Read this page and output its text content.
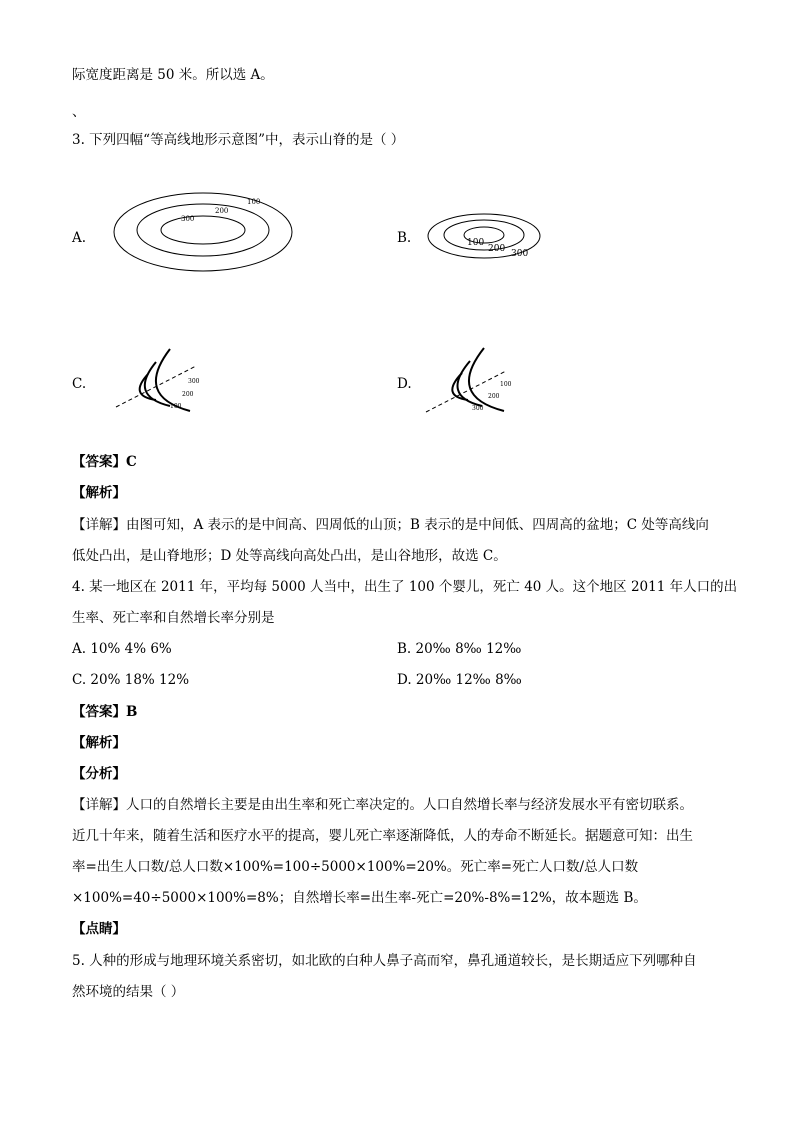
际宽度距离是 50 米。所以选 A。
、
3. 下列四幅“等高线地形示意图”中，表示山脊的是（ ）
A.
100
200
300
B.	100
200 300
C.	300
200
100
D.	100
200
300
【答案】C
【解析】
【详解】由图可知，A 表示的是中间高、四周低的山顶；B 表示的是中间低、四周高的盆地；C 处等高线向
低处凸出，是山脊地形；D 处等高线向高处凸出，是山谷地形，故选 C。
4. 某一地区在 2011 年，平均每 5000 人当中，出生了 100 个婴儿，死亡 40 人。这个地区 2011 年人口的出
生率、死亡率和自然增长率分别是
A. 10% 4% 6%	B. 20‰ 8‰ 12‰
C. 20% 18% 12%	D. 20‰ 12‰ 8‰
【答案】B
【解析】
【分析】
【详解】人口的自然增长主要是由出生率和死亡率决定的。人口自然增长率与经济发展水平有密切联系。
近几十年来，随着生活和医疗水平的提高，婴儿死亡率逐渐降低，人的寿命不断延长。据题意可知：出生
率=出生人口数/总人口数×100%=100÷5000×100%=20%。死亡率=死亡人口数/总人口数
×100%=40÷5000×100%=8%；自然增长率=出生率-死亡=20%-8%=12%，故本题选 B。
【点睛】
5. 人种的形成与地理环境关系密切，如北欧的白种人鼻子高而窄，鼻孔通道较长，是长期适应下列哪种自
然环境的结果（ ）
